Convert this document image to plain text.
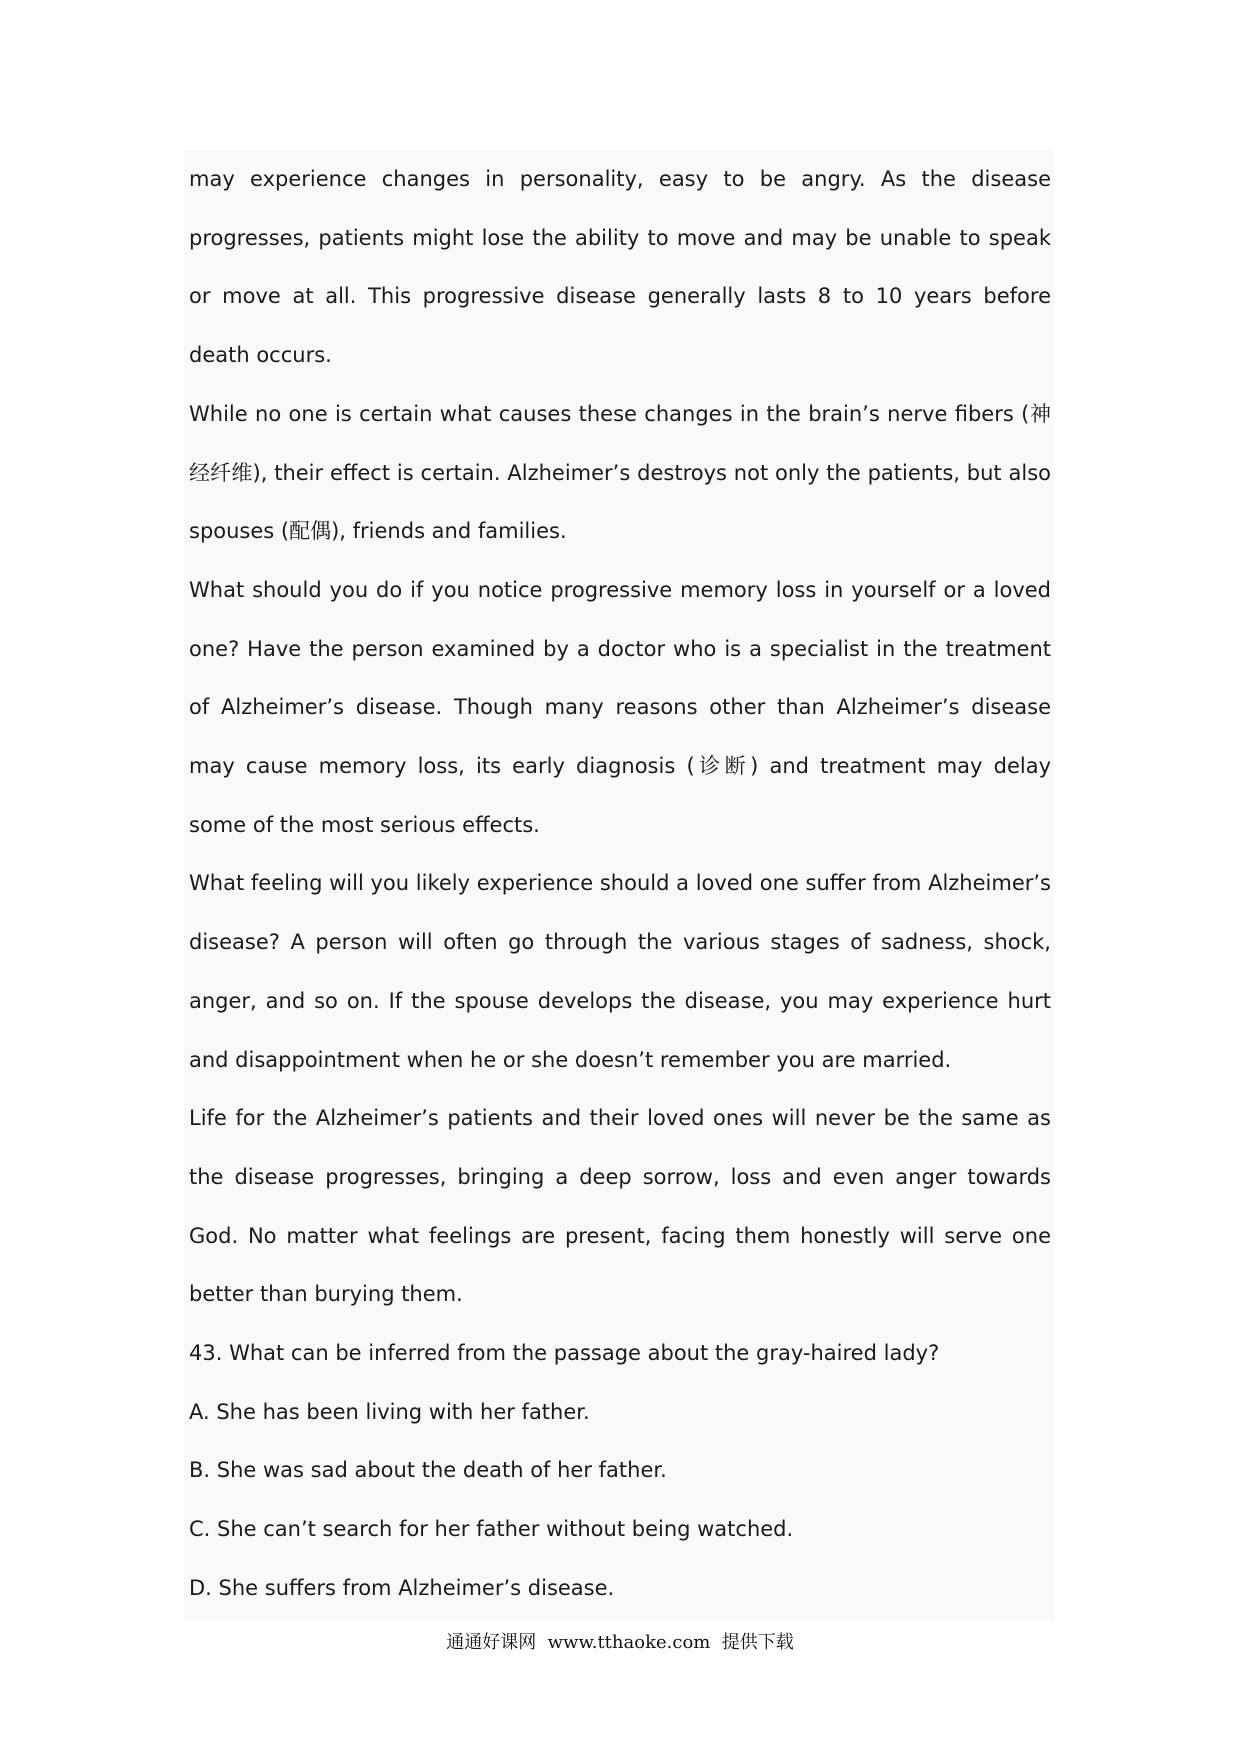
may experience changes in personality, easy to be angry. As the disease progresses, patients might lose the ability to move and may be unable to speak or move at all. This progressive disease generally lasts 8 to 10 years before death occurs.

While no one is certain what causes these changes in the brain’s nerve fibers (神经纤维), their effect is certain. Alzheimer’s destroys not only the patients, but also spouses (配偶), friends and families.

What should you do if you notice progressive memory loss in yourself or a loved one? Have the person examined by a doctor who is a specialist in the treatment of Alzheimer’s disease. Though many reasons other than Alzheimer’s disease may cause memory loss, its early diagnosis (诊断) and treatment may delay some of the most serious effects.

What feeling will you likely experience should a loved one suffer from Alzheimer’s disease? A person will often go through the various stages of sadness, shock, anger, and so on. If the spouse develops the disease, you may experience hurt and disappointment when he or she doesn’t remember you are married.

Life for the Alzheimer’s patients and their loved ones will never be the same as the disease progresses, bringing a deep sorrow, loss and even anger towards God. No matter what feelings are present, facing them honestly will serve one better than burying them.

43. What can be inferred from the passage about the gray-haired lady?

A. She has been living with her father.

B. She was sad about the death of her father.

C. She can’t search for her father without being watched.

D. She suffers from Alzheimer’s disease.

通通好课网  www.tthaoke.com  提供下载
